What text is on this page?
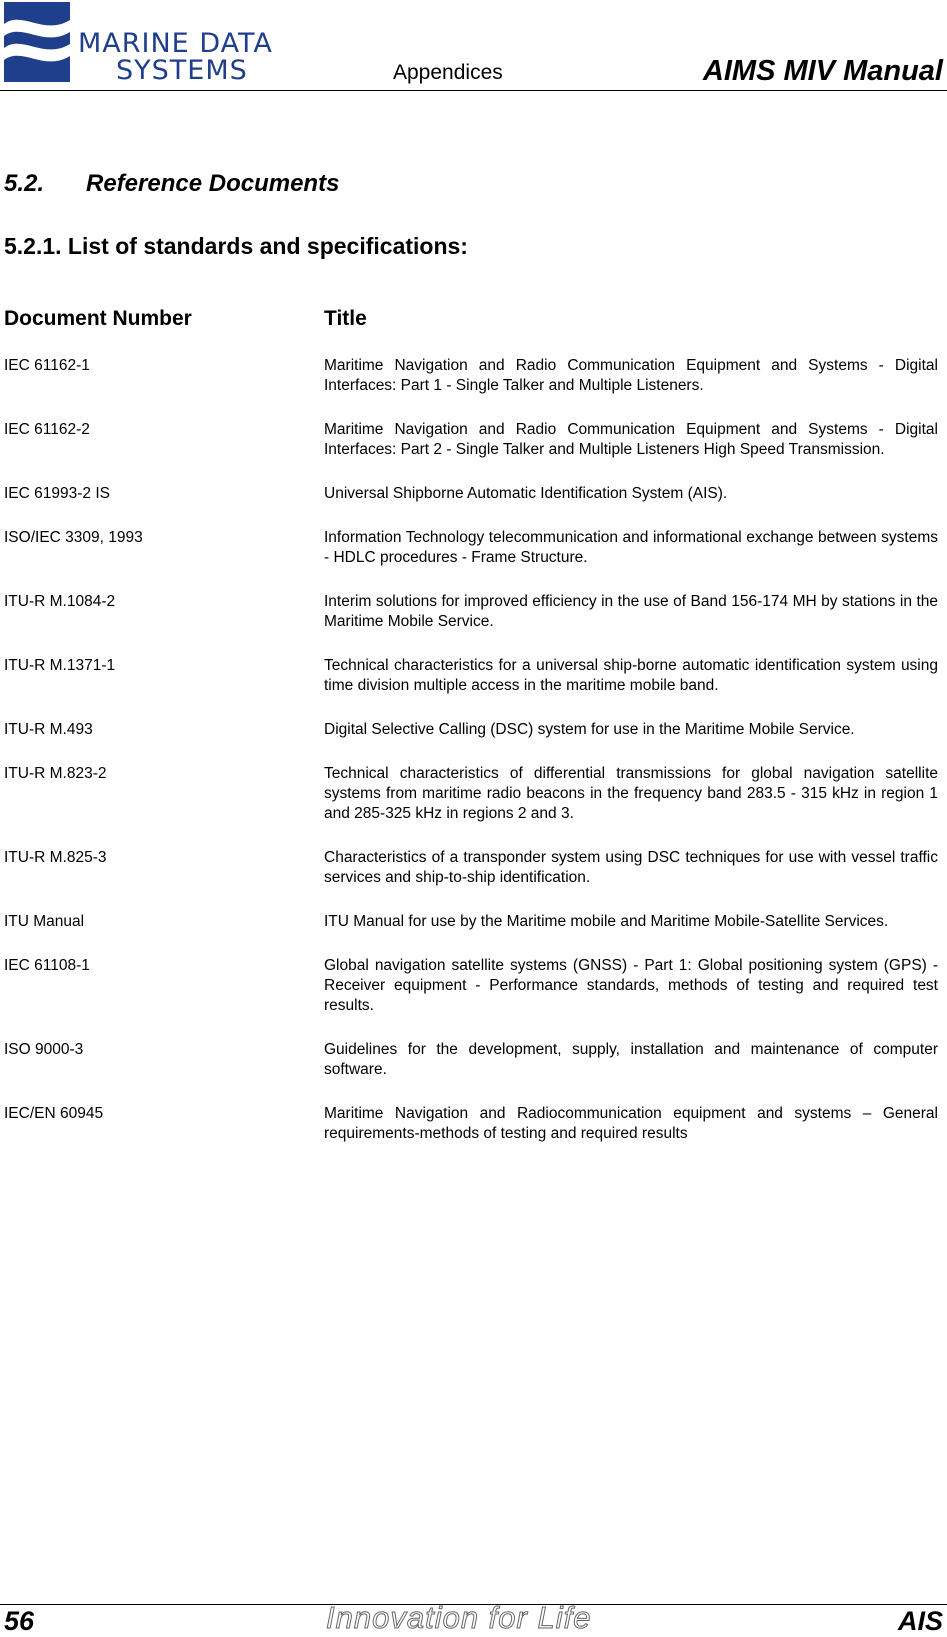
MARINE DATA
SYSTEMS	Appendices	AIMS MIV Manual
5.2. Reference Documents
5.2.1. List of standards and specifications:
Document Number	Title
IEC 61162-1	Maritime Navigation and Radio Communication Equipment and Systems - Digital Interfaces: Part 1 - Single Talker and Multiple Listeners.
IEC 61162-2	Maritime Navigation and Radio Communication Equipment and Systems - Digital Interfaces: Part 2 - Single Talker and Multiple Listeners High Speed Transmission.
IEC 61993-2 IS	Universal Shipborne Automatic Identification System (AIS).
ISO/IEC 3309, 1993	Information Technology telecommunication and informational exchange between systems - HDLC procedures - Frame Structure.
ITU-R M.1084-2	Interim solutions for improved efficiency in the use of Band 156-174 MH by stations in the Maritime Mobile Service.
ITU-R M.1371-1	Technical characteristics for a universal ship-borne automatic identification system using time division multiple access in the maritime mobile band.
ITU-R M.493	Digital Selective Calling (DSC) system for use in the Maritime Mobile Service.
ITU-R M.823-2	Technical characteristics of differential transmissions for global navigation satellite systems from maritime radio beacons in the frequency band 283.5 - 315 kHz in region 1 and 285-325 kHz in regions 2 and 3.
ITU-R M.825-3	Characteristics of a transponder system using DSC techniques for use with vessel traffic services and ship-to-ship identification.
ITU Manual	ITU Manual for use by the Maritime mobile and Maritime Mobile-Satellite Services.
IEC 61108-1	Global navigation satellite systems (GNSS) - Part 1: Global positioning system (GPS) - Receiver equipment - Performance standards, methods of testing and required test results.
ISO 9000-3	Guidelines for the development, supply, installation and maintenance of computer software.
IEC/EN 60945	Maritime Navigation and Radiocommunication equipment and systems – General requirements-methods of testing and required results
56	Innovation for Life	AIS
